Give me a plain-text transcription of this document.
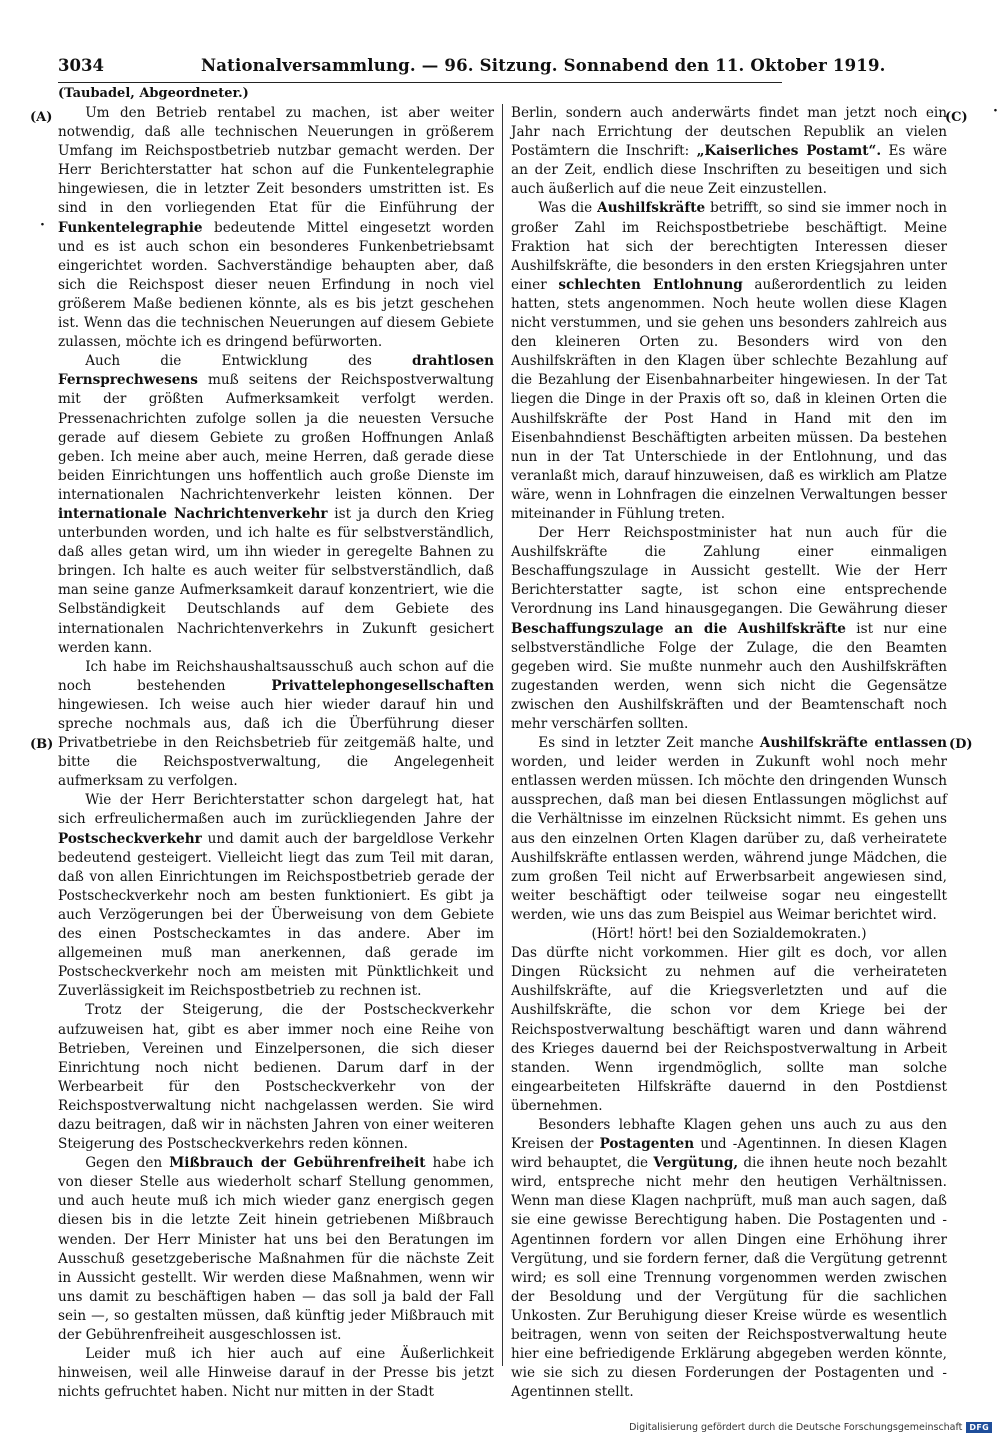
3034	Nationalversammlung. — 96. Sitzung. Sonnabend den 11. Oktober 1919.
(Taubadel, Abgeordneter.)
(A)
(B)
(C)
(D)
·
·

Um den Betrieb rentabel zu machen, ist aber weiter notwendig, daß alle technischen Neuerungen in größerem Umfang im Reichspostbetrieb nutzbar gemacht werden. Der Herr Berichterstatter hat schon auf die Funkentelegraphie hingewiesen, die in letzter Zeit besonders umstritten ist. Es sind in den vorliegenden Etat für die Einführung der Funkentelegraphie bedeutende Mittel eingesetzt worden und es ist auch schon ein besonderes Funkenbetriebsamt eingerichtet worden. Sachverständige behaupten aber, daß sich die Reichspost dieser neuen Erfindung in noch viel größerem Maße bedienen könnte, als es bis jetzt geschehen ist. Wenn das die technischen Neuerungen auf diesem Gebiete zulassen, möchte ich es dringend befürworten.

Auch die Entwicklung des	drahtlosen Fernsprechwesens muß seitens der Reichspostverwaltung mit der größten Aufmerksamkeit verfolgt werden. Pressenachrichten zufolge sollen ja die neuesten Versuche gerade auf diesem Gebiete zu großen Hoffnungen Anlaß geben. Ich meine aber auch, meine Herren, daß gerade diese beiden Einrichtungen uns hoffentlich auch große Dienste im internationalen Nachrichtenverkehr leisten können. Der internationale Nachrichtenverkehr ist ja durch den Krieg unterbunden worden, und ich halte es für selbstverständlich, daß alles getan wird, um ihn wieder in geregelte Bahnen zu bringen. Ich halte es auch weiter für selbstverständlich, daß man seine ganze Aufmerksamkeit darauf konzentriert, wie die Selbständigkeit Deutschlands auf dem Gebiete des internationalen Nachrichtenverkehrs in Zukunft gesichert werden kann.

Ich habe im Reichshaushaltsausschuß auch schon auf die noch bestehenden	Privattelephongesellschaften hingewiesen. Ich weise auch hier wieder darauf hin und spreche nochmals aus, daß ich die Überführung dieser Privatbetriebe in den Reichsbetrieb für zeitgemäß halte, und bitte die Reichspostverwaltung, die Angelegenheit aufmerksam zu verfolgen.

Wie der Herr Berichterstatter schon dargelegt hat, hat sich erfreulichermaßen auch im zurückliegenden Jahre der Postscheckverkehr und damit auch der bargeldlose Verkehr bedeutend gesteigert. Vielleicht liegt das zum Teil mit daran, daß von allen Einrichtungen im Reichspostbetrieb gerade der Postscheckverkehr noch am besten funktioniert. Es gibt ja auch Verzögerungen bei der Überweisung von dem Gebiete des einen Postscheckamtes in das andere. Aber im allgemeinen muß man anerkennen, daß gerade im Postscheckverkehr noch am meisten mit Pünktlichkeit und Zuverlässigkeit im Reichspostbetrieb zu rechnen ist.

Trotz der Steigerung, die der Postscheckverkehr aufzuweisen hat, gibt es aber immer noch eine Reihe von Betrieben, Vereinen und Einzelpersonen, die sich dieser Einrichtung noch nicht bedienen. Darum darf in der Werbearbeit für den Postscheckverkehr von der Reichspostverwaltung nicht nachgelassen werden. Sie wird dazu beitragen, daß wir in nächsten Jahren von einer weiteren Steigerung des Postscheckverkehrs reden können.

Gegen den Mißbrauch der Gebührenfreiheit habe ich von dieser Stelle aus wiederholt scharf Stellung genommen, und auch heute muß ich mich wieder ganz energisch gegen diesen bis in die letzte Zeit hinein getriebenen Mißbrauch wenden. Der Herr Minister hat uns bei den Beratungen im Ausschuß gesetzgeberische Maßnahmen für die nächste Zeit in Aussicht gestellt. Wir werden diese Maßnahmen, wenn wir uns damit zu beschäftigen haben — das soll ja bald der Fall sein —, so gestalten müssen, daß künftig jeder Mißbrauch mit der Gebührenfreiheit ausgeschlossen ist.

Leider muß ich hier auch auf eine Äußerlichkeit hinweisen, weil alle Hinweise darauf in der Presse bis jetzt nichts gefruchtet haben. Nicht nur mitten in der Stadt

Berlin, sondern auch anderwärts findet man jetzt noch ein Jahr nach Errichtung der deutschen Republik an vielen Postämtern die Inschrift: „Kaiserliches Postamt“. Es wäre an der Zeit, endlich diese Inschriften zu beseitigen und sich auch äußerlich auf die neue Zeit einzustellen.

Was die Aushilfskräfte betrifft, so sind sie immer noch in großer Zahl im Reichspostbetriebe beschäftigt. Meine Fraktion hat sich der berechtigten Interessen dieser Aushilfskräfte, die besonders in den ersten Kriegsjahren unter einer schlechten Entlohnung außerordentlich zu leiden hatten, stets angenommen. Noch heute wollen diese Klagen nicht verstummen, und sie gehen uns besonders zahlreich aus den kleineren Orten zu. Besonders wird von den Aushilfskräften in den Klagen über schlechte Bezahlung auf die Bezahlung der Eisenbahnarbeiter hingewiesen. In der Tat liegen die Dinge in der Praxis oft so, daß in kleinen Orten die Aushilfskräfte der Post Hand in Hand mit den im Eisenbahndienst Beschäftigten arbeiten müssen. Da bestehen nun in der Tat Unterschiede in der Entlohnung, und das veranlaßt mich, darauf hinzuweisen, daß es wirklich am Platze wäre, wenn in Lohnfragen die einzelnen Verwaltungen besser miteinander in Fühlung treten.

Der Herr Reichspostminister hat nun auch für die Aushilfskräfte die Zahlung einer einmaligen Beschaffungszulage in Aussicht gestellt. Wie der Herr Berichterstatter sagte, ist schon eine entsprechende Verordnung ins Land hinausgegangen. Die Gewährung dieser Beschaffungszulage an die Aushilfskräfte ist nur eine selbstverständliche Folge der Zulage, die den Beamten gegeben wird. Sie mußte nunmehr auch den Aushilfskräften zugestanden werden, wenn sich nicht die Gegensätze zwischen den Aushilfskräften und der Beamtenschaft noch mehr verschärfen sollten.

Es sind in letzter Zeit manche Aushilfskräfte entlassen worden, und leider werden in Zukunft wohl noch mehr entlassen werden müssen. Ich möchte den dringenden Wunsch aussprechen, daß man bei diesen Entlassungen möglichst auf die Verhältnisse im einzelnen Rücksicht nimmt. Es gehen uns aus den einzelnen Orten Klagen darüber zu, daß verheiratete Aushilfskräfte entlassen werden, während junge Mädchen, die zum großen Teil nicht auf Erwerbsarbeit angewiesen sind, weiter beschäftigt oder teilweise sogar neu eingestellt werden, wie uns das zum Beispiel aus Weimar berichtet wird.

(Hört! hört! bei den Sozialdemokraten.)

Das dürfte nicht vorkommen. Hier gilt es doch, vor allen Dingen Rücksicht zu nehmen auf die verheirateten Aushilfskräfte, auf die Kriegsverletzten und auf die Aushilfskräfte, die schon vor dem Kriege bei der Reichspostverwaltung beschäftigt waren und dann während des Krieges dauernd bei der Reichspostverwaltung in Arbeit standen. Wenn irgendmöglich, sollte man solche eingearbeiteten Hilfskräfte dauernd in den Postdienst übernehmen.

Besonders lebhafte Klagen gehen uns auch zu aus den Kreisen der Postagenten und -Agentinnen. In diesen Klagen wird behauptet, die Vergütung, die ihnen heute noch bezahlt wird, entspreche nicht mehr den heutigen Verhältnissen. Wenn man diese Klagen nachprüft, muß man auch sagen, daß sie eine gewisse Berechtigung haben. Die Postagenten und -Agentinnen fordern vor allen Dingen eine Erhöhung ihrer Vergütung, und sie fordern ferner, daß die Vergütung getrennt wird; es soll eine Trennung vorgenommen werden zwischen der Besoldung und der Vergütung für die sachlichen Unkosten. Zur Beruhigung dieser Kreise würde es wesentlich beitragen, wenn von seiten der Reichspostverwaltung heute hier eine befriedigende Erklärung abgegeben werden könnte, wie sie sich zu diesen Forderungen der Postagenten und -Agentinnen stellt.

Digitalisierung gefördert durch die Deutsche Forschungsgemeinschaft DFG
